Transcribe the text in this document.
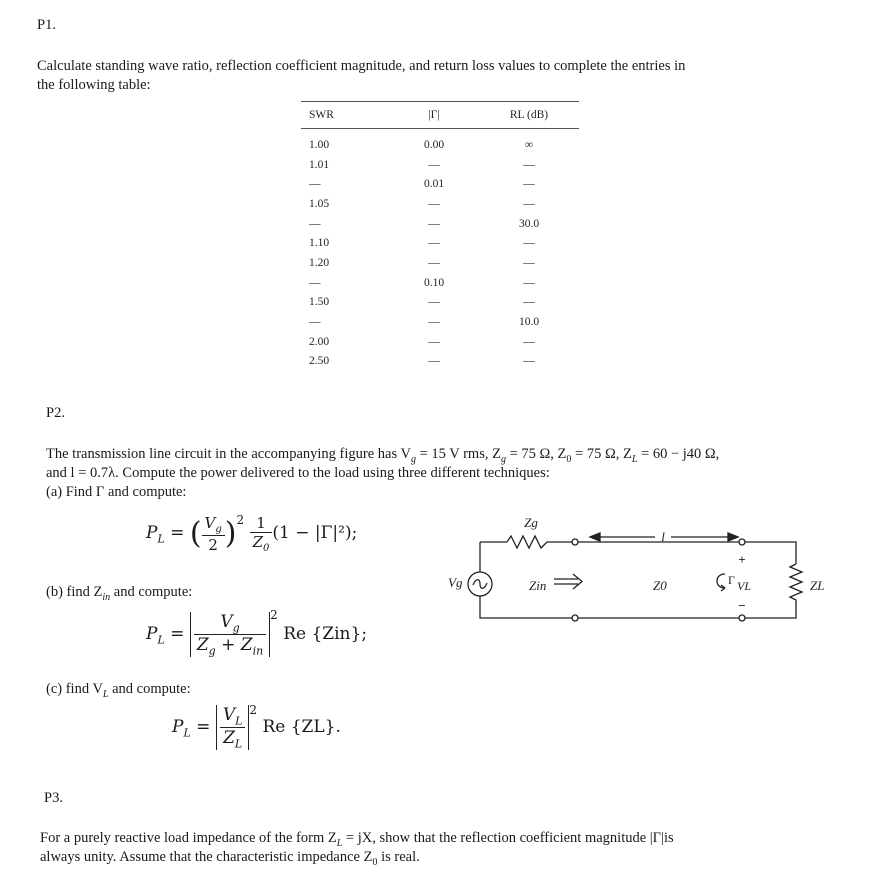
P1.
Calculate standing wave ratio, reflection coefficient magnitude, and return loss values to complete the entries in
the following table:
SWR	|Γ|	RL (dB)
1.00	0.00	∞
1.01	—	—
—	0.01	—
1.05	—	—
—	—	30.0
1.10	—	—
1.20	—	—
—	0.10	—
1.50	—	—
—	—	10.0
2.00	—	—
2.50	—	—
P2.
The transmission line circuit in the accompanying figure has $V_g = 15$ V rms, $Z_g = 75$ Ω, $Z_0 = 75$ Ω, $Z_L = 60 - j40$ Ω,
and l = 0.7λ. Compute the power delivered to the load using three different techniques:
(a) Find Γ and compute:
$P_L$ = ( $\frac{V_g}{2} )^2 \frac{1}{Z_0} (1 - |\Gamma|^2)$;
(b) find $Z_{in}$ and compute:
$P_L = \frac{V_g}{Z_g + Z_{in}} ^2$ Re {Zin};
(c) find $V_L$ and compute:
$P_L = \frac{V_L}{Z_L} ^2$ Re {ZL}.
Zg
l
Vg	Zin	Z0	Γ VL
+
−
ZL
P3.
For a purely reactive load impedance of the form $Z_L$ = jX, show that the reflection coefficient magnitude |Γ|is
always unity. Assume that the characteristic impedance $Z_0$ is real.
